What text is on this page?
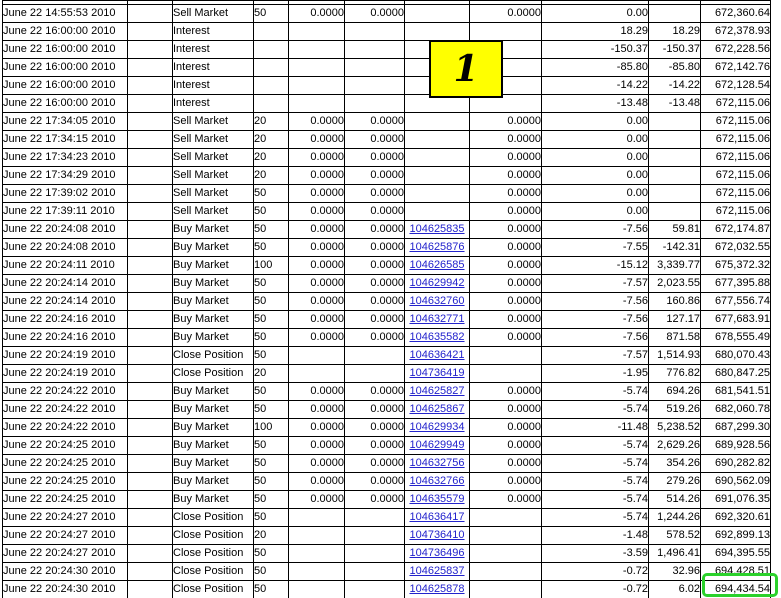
June 22 14:55:53 2010		Sell Market	50	0.0000	0.0000		0.0000	0.00		672,360.64
June 22 16:00:00 2010		Interest						18.29	18.29	672,378.93
June 22 16:00:00 2010		Interest						-150.37	-150.37	672,228.56
June 22 16:00:00 2010		Interest						-85.80	-85.80	672,142.76
June 22 16:00:00 2010		Interest						-14.22	-14.22	672,128.54
June 22 16:00:00 2010		Interest						-13.48	-13.48	672,115.06
June 22 17:34:05 2010		Sell Market	20	0.0000	0.0000		0.0000	0.00		672,115.06
June 22 17:34:15 2010		Sell Market	20	0.0000	0.0000		0.0000	0.00		672,115.06
June 22 17:34:23 2010		Sell Market	20	0.0000	0.0000		0.0000	0.00		672,115.06
June 22 17:34:29 2010		Sell Market	20	0.0000	0.0000		0.0000	0.00		672,115.06
June 22 17:39:02 2010		Sell Market	50	0.0000	0.0000		0.0000	0.00		672,115.06
June 22 17:39:11 2010		Sell Market	50	0.0000	0.0000		0.0000	0.00		672,115.06
June 22 20:24:08 2010		Buy Market	50	0.0000	0.0000	104625835	0.0000	-7.56	59.81	672,174.87
June 22 20:24:08 2010		Buy Market	50	0.0000	0.0000	104625876	0.0000	-7.55	-142.31	672,032.55
June 22 20:24:11 2010		Buy Market	100	0.0000	0.0000	104626585	0.0000	-15.12	3,339.77	675,372.32
June 22 20:24:14 2010		Buy Market	50	0.0000	0.0000	104629942	0.0000	-7.57	2,023.55	677,395.88
June 22 20:24:14 2010		Buy Market	50	0.0000	0.0000	104632760	0.0000	-7.56	160.86	677,556.74
June 22 20:24:16 2010		Buy Market	50	0.0000	0.0000	104632771	0.0000	-7.56	127.17	677,683.91
June 22 20:24:16 2010		Buy Market	50	0.0000	0.0000	104635582	0.0000	-7.56	871.58	678,555.49
June 22 20:24:19 2010		Close Position	50			104636421		-7.57	1,514.93	680,070.43
June 22 20:24:19 2010		Close Position	20			104736419		-1.95	776.82	680,847.25
June 22 20:24:22 2010		Buy Market	50	0.0000	0.0000	104625827	0.0000	-5.74	694.26	681,541.51
June 22 20:24:22 2010		Buy Market	50	0.0000	0.0000	104625867	0.0000	-5.74	519.26	682,060.78
June 22 20:24:22 2010		Buy Market	100	0.0000	0.0000	104629934	0.0000	-11.48	5,238.52	687,299.30
June 22 20:24:25 2010		Buy Market	50	0.0000	0.0000	104629949	0.0000	-5.74	2,629.26	689,928.56
June 22 20:24:25 2010		Buy Market	50	0.0000	0.0000	104632756	0.0000	-5.74	354.26	690,282.82
June 22 20:24:25 2010		Buy Market	50	0.0000	0.0000	104632766	0.0000	-5.74	279.26	690,562.09
June 22 20:24:25 2010		Buy Market	50	0.0000	0.0000	104635579	0.0000	-5.74	514.26	691,076.35
June 22 20:24:27 2010		Close Position	50			104636417		-5.74	1,244.26	692,320.61
June 22 20:24:27 2010		Close Position	20			104736410		-1.48	578.52	692,899.13
June 22 20:24:27 2010		Close Position	50			104736496		-3.59	1,496.41	694,395.55
June 22 20:24:30 2010		Close Position	50			104625837		-0.72	32.96	694,428.51
June 22 20:24:30 2010		Close Position	50			104625878		-0.72	6.02	694,434.54
1
